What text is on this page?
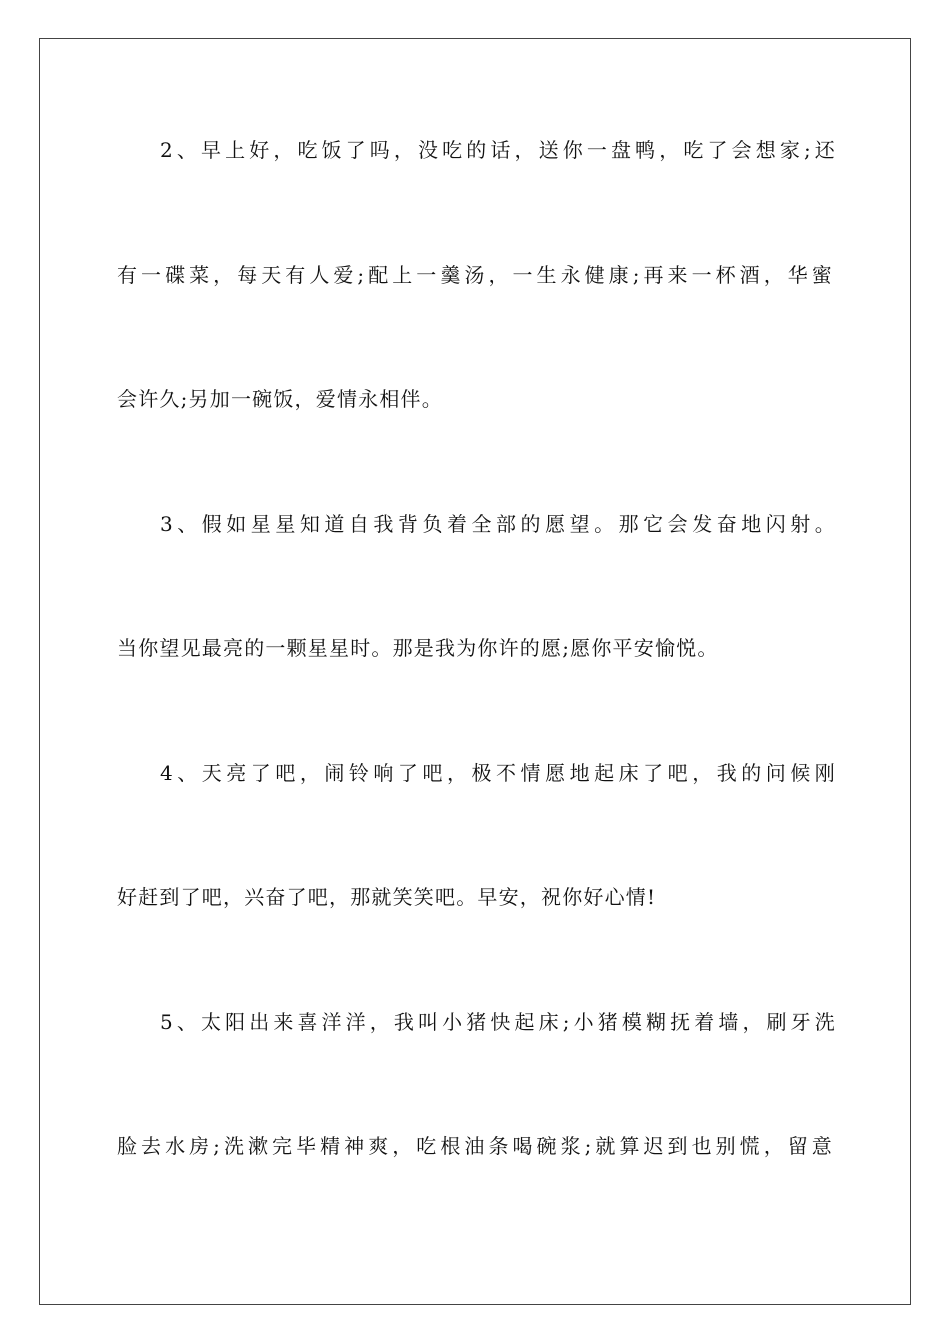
2、早上好，吃饭了吗，没吃的话，送你一盘鸭，吃了会想家;还
有一碟菜，每天有人爱;配上一羹汤，一生永健康;再来一杯酒，华蜜
会许久;另加一碗饭，爱情永相伴。
3、假如星星知道自我背负着全部的愿望。那它会发奋地闪射。
当你望见最亮的一颗星星时。那是我为你许的愿;愿你平安愉悦。
4、天亮了吧，闹铃响了吧，极不情愿地起床了吧，我的问候刚
好赶到了吧，兴奋了吧，那就笑笑吧。早安，祝你好心情!
5、太阳出来喜洋洋，我叫小猪快起床;小猪模糊抚着墙，刷牙洗
脸去水房;洗漱完毕精神爽，吃根油条喝碗浆;就算迟到也别慌，留意
